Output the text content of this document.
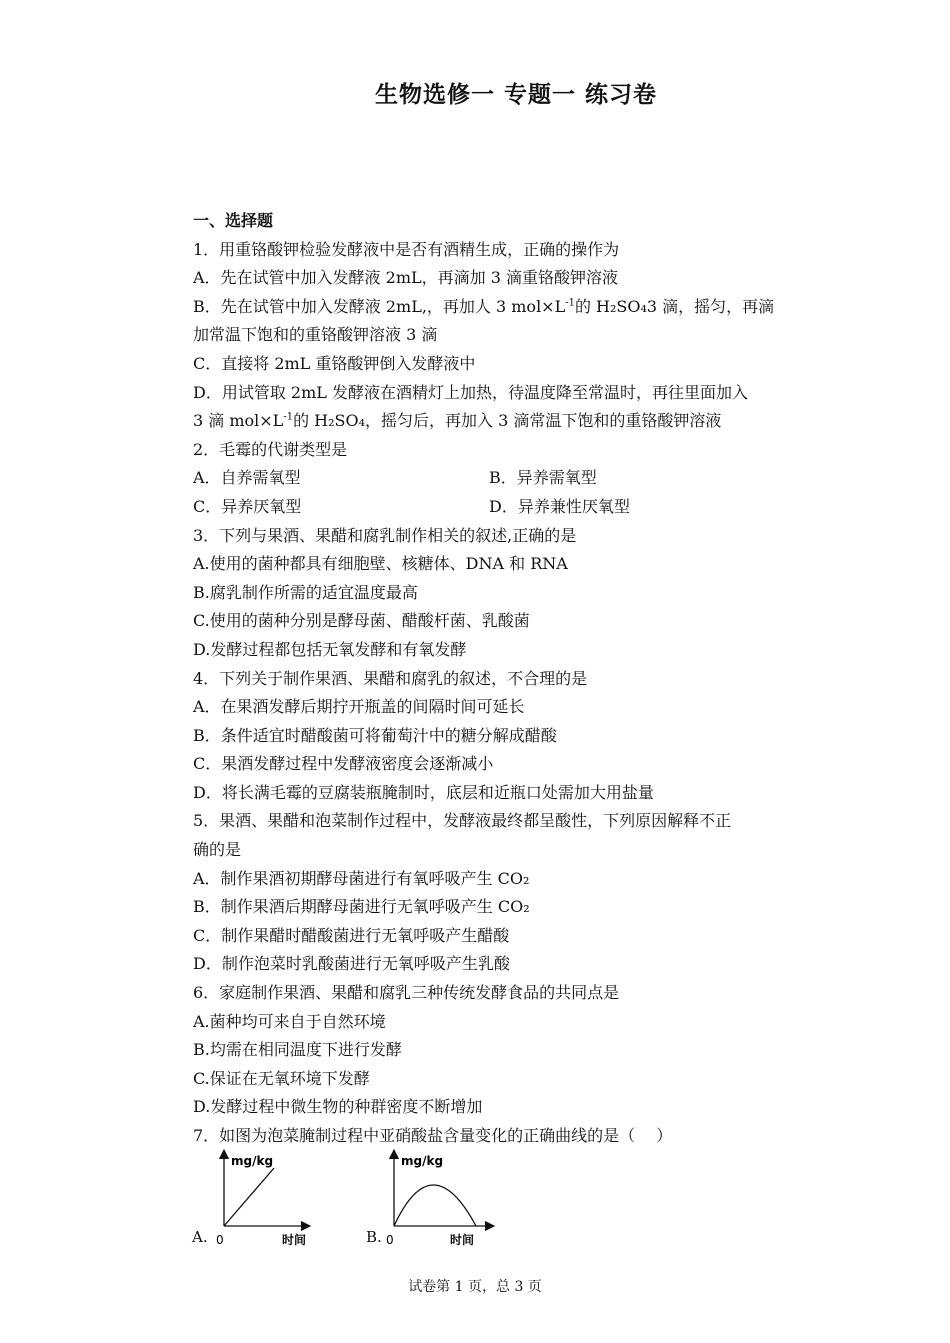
生物选修一 专题一 练习卷
一、选择题
1．用重铬酸钾检验发酵液中是否有酒精生成，正确的操作为
A．先在试管中加入发酵液 2mL，再滴加 3 滴重铬酸钾溶液
B．先在试管中加入发酵液 2mL,，再加人 3 $mol\times L^{-1}$的 H₂SO₄3 滴，摇匀，再滴
加常温下饱和的重铬酸钾溶液 3 滴
C．直接将 2mL 重铬酸钾倒入发酵液中
D．用试管取 2mL 发酵液在酒精灯上加热，待温度降至常温时，再往里面加入
3 滴 $mol\times L^{-1}$的 H₂SO₄，摇匀后，再加入 3 滴常温下饱和的重铬酸钾溶液
2．毛霉的代谢类型是
A．自养需氧型	B．异养需氧型
C．异养厌氧型	D．异养兼性厌氧型
3．下列与果酒、果醋和腐乳制作相关的叙述,正确的是
A.使用的菌种都具有细胞壁、核糖体、DNA 和 RNA
B.腐乳制作所需的适宜温度最高
C.使用的菌种分别是酵母菌、醋酸杆菌、乳酸菌
D.发酵过程都包括无氧发酵和有氧发酵
4．下列关于制作果酒、果醋和腐乳的叙述，不合理的是
A．在果酒发酵后期拧开瓶盖的间隔时间可延长
B．条件适宜时醋酸菌可将葡萄汁中的糖分解成醋酸
C．果酒发酵过程中发酵液密度会逐渐减小
D．将长满毛霉的豆腐装瓶腌制时，底层和近瓶口处需加大用盐量
5．果酒、果醋和泡菜制作过程中，发酵液最终都呈酸性，下列原因解释不正
确的是
A．制作果酒初期酵母菌进行有氧呼吸产生 CO₂
B．制作果酒后期酵母菌进行无氧呼吸产生 CO₂
C．制作果醋时醋酸菌进行无氧呼吸产生醋酸
D．制作泡菜时乳酸菌进行无氧呼吸产生乳酸
6．家庭制作果酒、果醋和腐乳三种传统发酵食品的共同点是
A.菌种均可来自于自然环境
B.均需在相同温度下进行发酵
C.保证在无氧环境下发酵
D.发酵过程中微生物的种群密度不断增加
7．如图为泡菜腌制过程中亚硝酸盐含量变化的正确曲线的是（　 ）
A.
mg/kg
0	时间	B.
mg/kg
0	时间
试卷第 1 页，总 3 页
